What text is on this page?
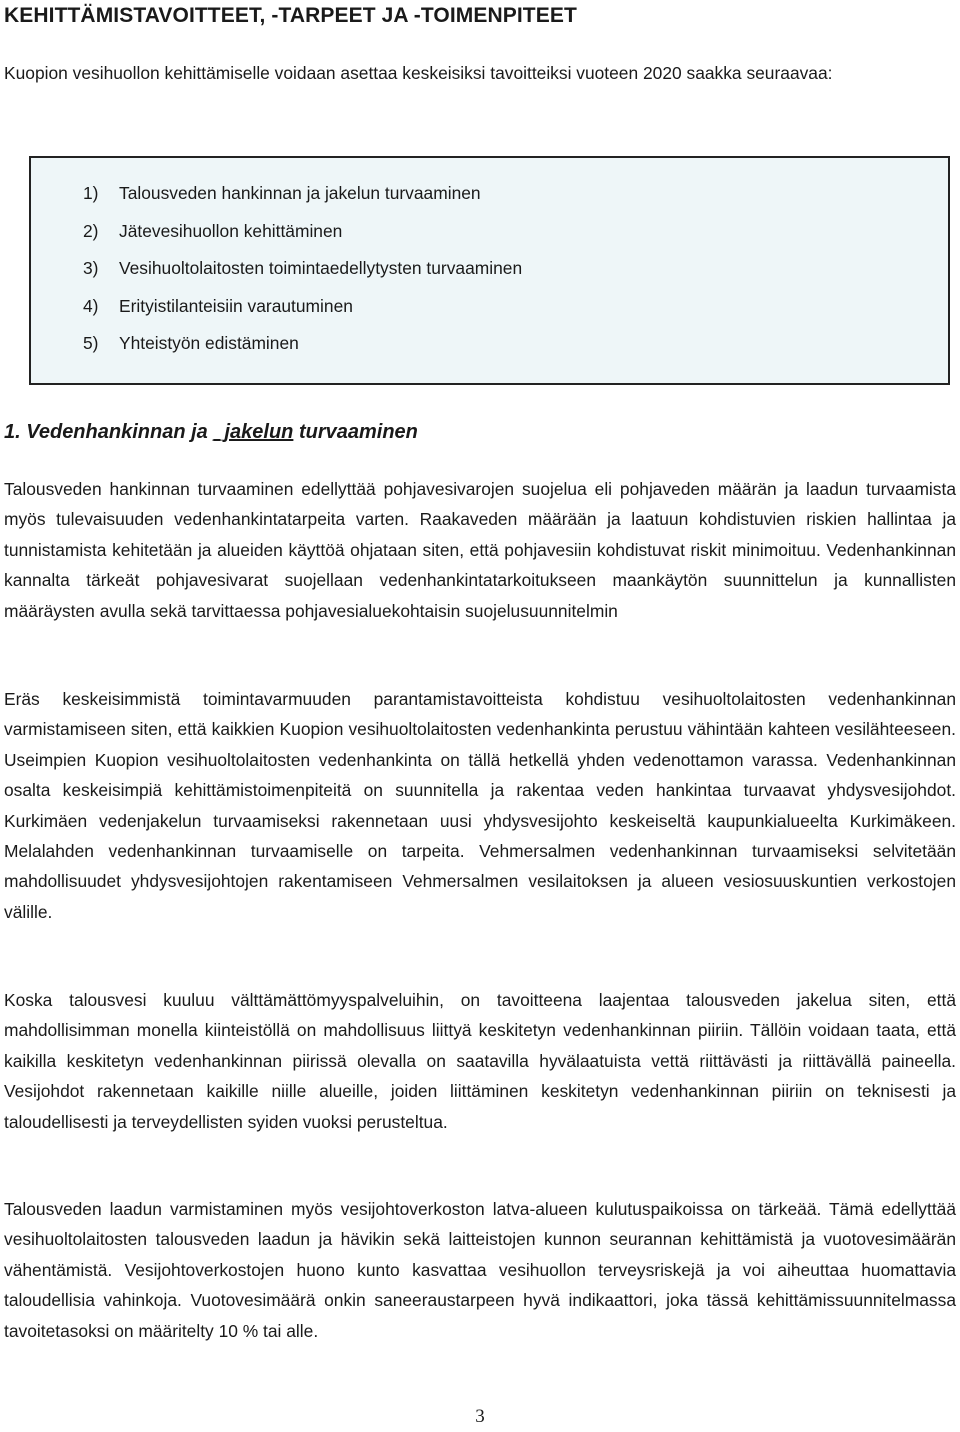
KEHITTÄMISTAVOITTEET, -TARPEET JA -TOIMENPITEET

Kuopion vesihuollon kehittämiselle voidaan asettaa keskeisiksi tavoitteiksi vuoteen 2020 saakka seuraavaa:

1) Talousveden hankinnan ja jakelun turvaaminen
2) Jätevesihuollon kehittäminen
3) Vesihuoltolaitosten toimintaedellytysten turvaaminen
4) Erityistilanteisiin varautuminen
5) Yhteistyön edistäminen
1. Vedenhankinnan ja _jakelun turvaaminen

Talousveden hankinnan turvaaminen edellyttää pohjavesivarojen suojelua eli pohjaveden määrän ja laadun turvaamista myös tulevaisuuden vedenhankintatarpeita varten. Raakaveden määrään ja laatuun kohdistuvien riskien hallintaa ja tunnistamista kehitetään ja alueiden käyttöä ohjataan siten, että pohjavesiin kohdistuvat riskit minimoituu. Vedenhankinnan kannalta tärkeät pohjavesivarat suojellaan vedenhankintatarkoitukseen maankäytön suunnittelun ja kunnallisten määräysten avulla sekä tarvittaessa pohjavesialuekohtaisin suojelusuunnitelmin

Eräs keskeisimmistä toimintavarmuuden parantamistavoitteista kohdistuu vesihuoltolaitosten vedenhankinnan varmistamiseen siten, että kaikkien Kuopion vesihuoltolaitosten vedenhankinta perustuu vähintään kahteen vesilähteeseen. Useimpien Kuopion vesihuoltolaitosten vedenhankinta on tällä hetkellä yhden vedenottamon varassa. Vedenhankinnan osalta keskeisimpiä kehittämistoimenpiteitä on suunnitella ja rakentaa veden hankintaa turvaavat yhdysvesijohdot. Kurkimäen vedenjakelun turvaamiseksi rakennetaan uusi yhdysvesijohto keskeiseltä kaupunkialueelta Kurkimäkeen. Melalahden vedenhankinnan turvaamiselle on tarpeita. Vehmersalmen vedenhankinnan turvaamiseksi selvitetään mahdollisuudet yhdysvesijohtojen rakentamiseen Vehmersalmen vesilaitoksen ja alueen vesiosuuskuntien verkostojen välille.

Koska talousvesi kuuluu välttämättömyyspalveluihin, on tavoitteena laajentaa talousveden jakelua siten, että mahdollisimman monella kiinteistöllä on mahdollisuus liittyä keskitetyn vedenhankinnan piiriin. Tällöin voidaan taata, että kaikilla keskitetyn vedenhankinnan piirissä olevalla on saatavilla hyvälaatuista vettä riittävästi ja riittävällä paineella. Vesijohdot rakennetaan kaikille niille alueille, joiden liittäminen keskitetyn vedenhankinnan piiriin on teknisesti ja taloudellisesti ja terveydellisten syiden vuoksi perusteltua.

Talousveden laadun varmistaminen myös vesijohtoverkoston latva-alueen kulutuspaikoissa on tärkeää. Tämä edellyttää vesihuoltolaitosten talousveden laadun ja hävikin sekä laitteistojen kunnon seurannan kehittämistä ja vuotovesimäärän vähentämistä. Vesijohtoverkostojen huono kunto kasvattaa vesihuollon terveysriskejä ja voi aiheuttaa huomattavia taloudellisia vahinkoja. Vuotovesimäärä onkin saneeraustarpeen hyvä indikaattori, joka tässä kehittämissuunnitelmassa tavoitetasoksi on määritelty 10 % tai alle.

3
